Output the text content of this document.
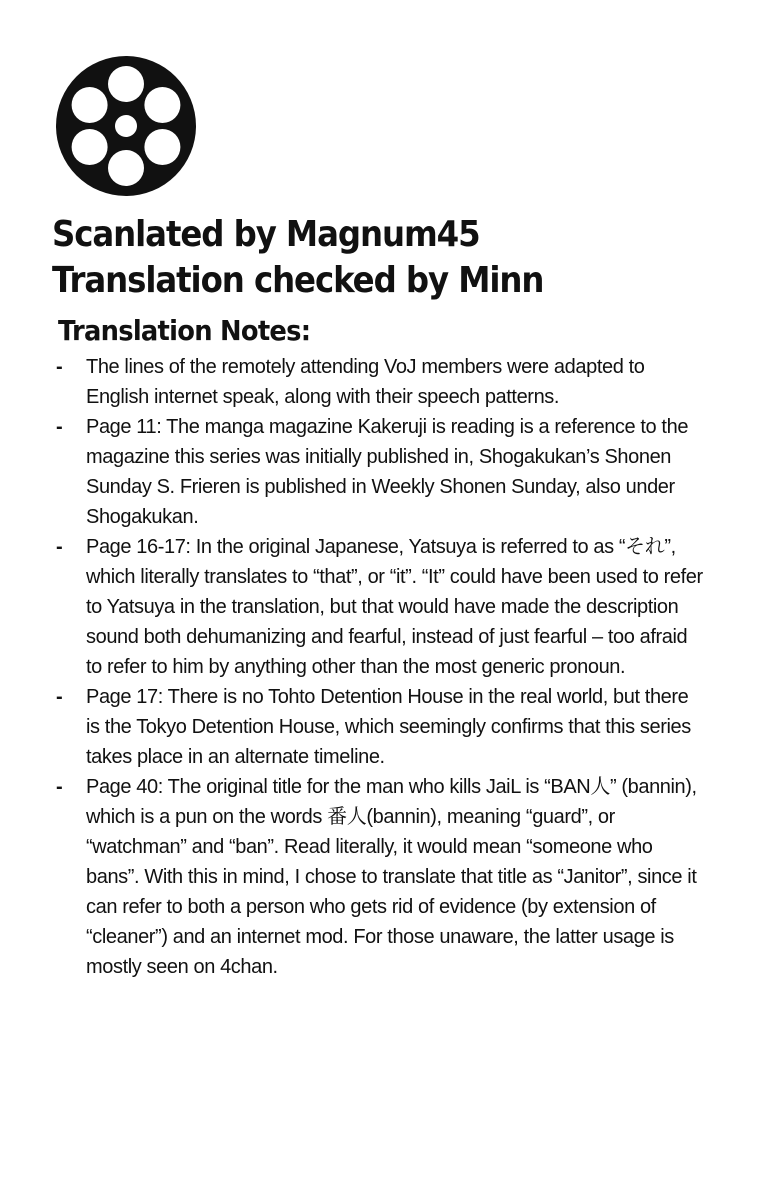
Scanlated by Magnum45
Translation checked by Minn
Translation Notes:
- The lines of the remotely attending VoJ members were adapted to English internet speak, along with their speech patterns.
- Page 11: The manga magazine Kakeruji is reading is a reference to the magazine this series was initially published in, Shogakukan’s Shonen Sunday S. Frieren is published in Weekly Shonen Sunday, also under Shogakukan.
- Page 16-17: In the original Japanese, Yatsuya is referred to as “それ”, which literally translates to “that”, or “it”. “It” could have been used to refer to Yatsuya in the translation, but that would have made the description sound both dehumanizing and fearful, instead of just fearful – too afraid to refer to him by anything other than the most generic pronoun.
- Page 17: There is no Tohto Detention House in the real world, but there is the Tokyo Detention House, which seemingly confirms that this series takes place in an alternate timeline.
- Page 40: The original title for the man who kills JaiL is “BAN人” (bannin), which is a pun on the words 番人(bannin), meaning “guard”, or “watchman” and “ban”. Read literally, it would mean “someone who bans”. With this in mind, I chose to translate that title as “Janitor”, since it can refer to both a person who gets rid of evidence (by extension of “cleaner”) and an internet mod. For those unaware, the latter usage is mostly seen on 4chan.
